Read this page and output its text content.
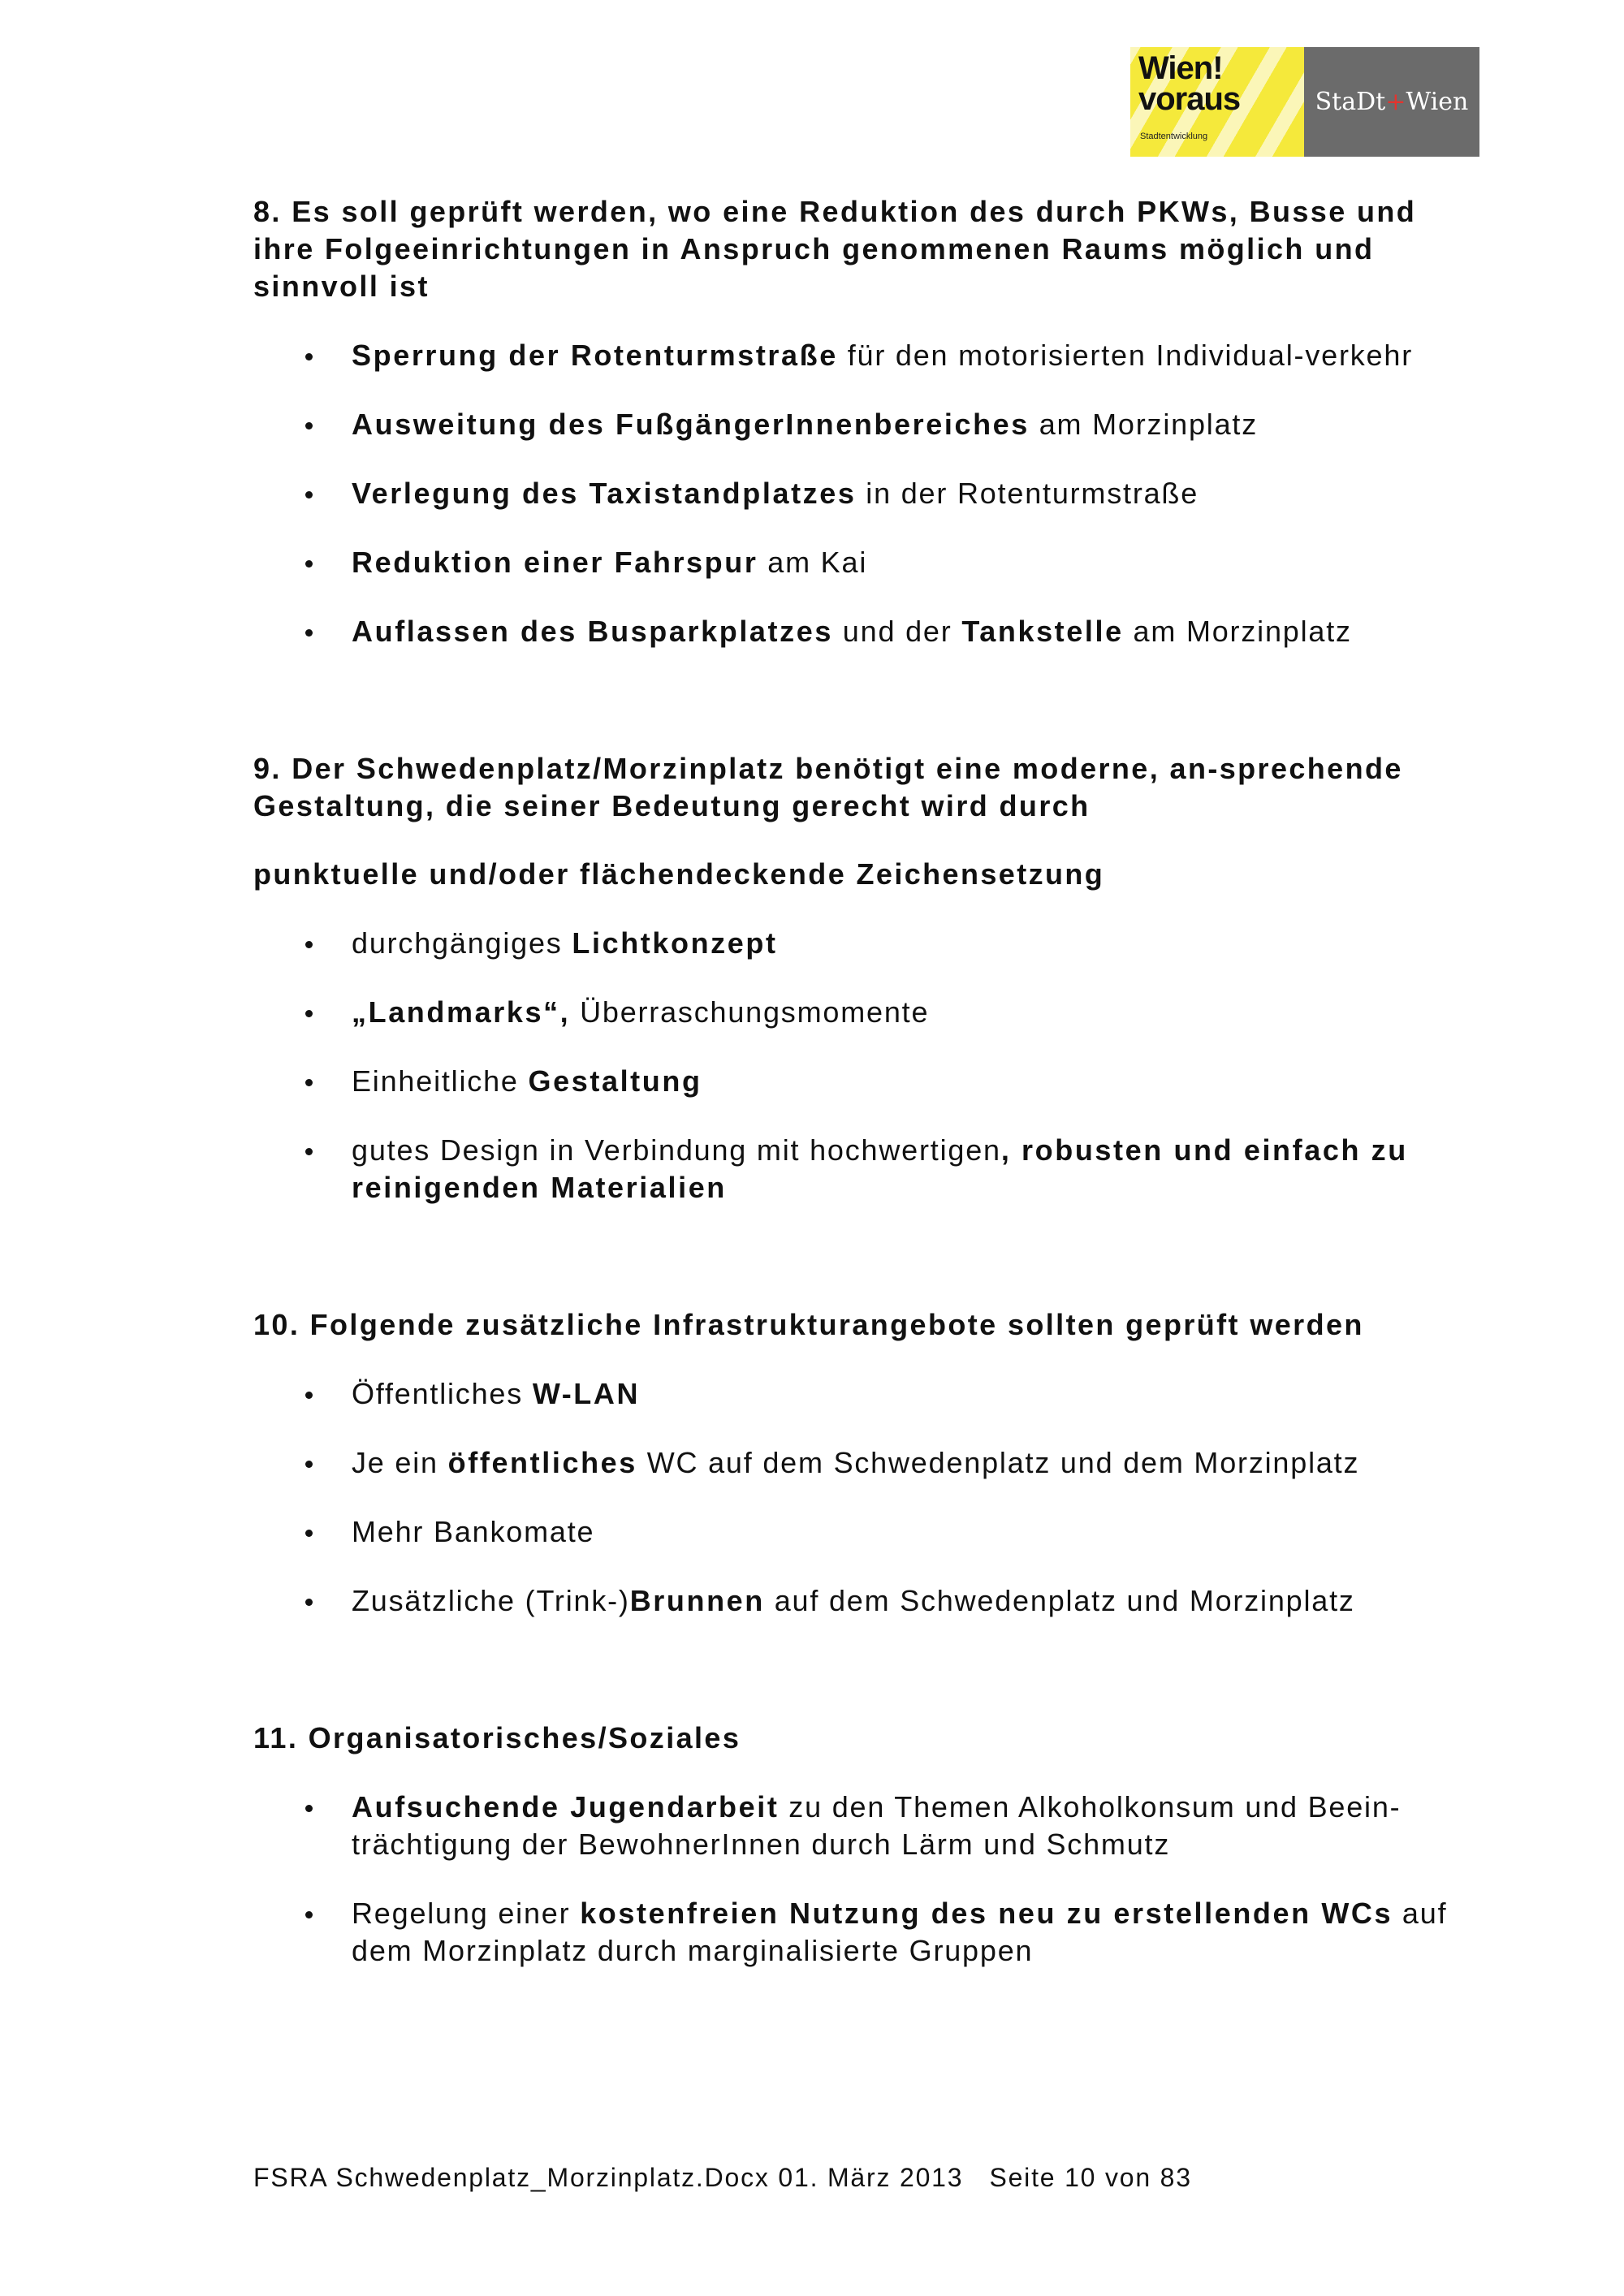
Wien!
voraus
Stadtentwicklung
StaDt + Wien
8. Es soll geprüft werden, wo eine Reduktion des durch PKWs, Busse und ihre Folgeeinrichtungen in Anspruch genommenen Raums möglich und sinnvoll ist
Sperrung der Rotenturmstraße für den motorisierten Individual-verkehr
Ausweitung des FußgängerInnenbereiches am Morzinplatz
Verlegung des Taxistandplatzes in der Rotenturmstraße
Reduktion einer Fahrspur am Kai
Auflassen des Busparkplatzes und der Tankstelle am Morzinplatz
9. Der Schwedenplatz/Morzinplatz benötigt eine moderne, an-sprechende Gestaltung, die seiner Bedeutung gerecht wird durch

punktuelle und/oder flächendeckende Zeichensetzung

durchgängiges Lichtkonzept
„Landmarks“, Überraschungsmomente
Einheitliche Gestaltung
gutes Design in Verbindung mit hochwertigen, robusten und einfach zu reinigenden Materialien
10. Folgende zusätzliche Infrastrukturangebote sollten geprüft werden
Öffentliches W-LAN
Je ein öffentliches WC auf dem Schwedenplatz und dem Morzinplatz
Mehr Bankomate
Zusätzliche (Trink-)Brunnen auf dem Schwedenplatz und Morzinplatz
11. Organisatorisches/Soziales
Aufsuchende Jugendarbeit zu den Themen Alkoholkonsum und Beein-trächtigung der BewohnerInnen durch Lärm und Schmutz
Regelung einer kostenfreien Nutzung des neu zu erstellenden WCs auf dem Morzinplatz durch marginalisierte Gruppen
FSRA Schwedenplatz_Morzinplatz.Docx 01. März 2013 Seite 10 von 83
